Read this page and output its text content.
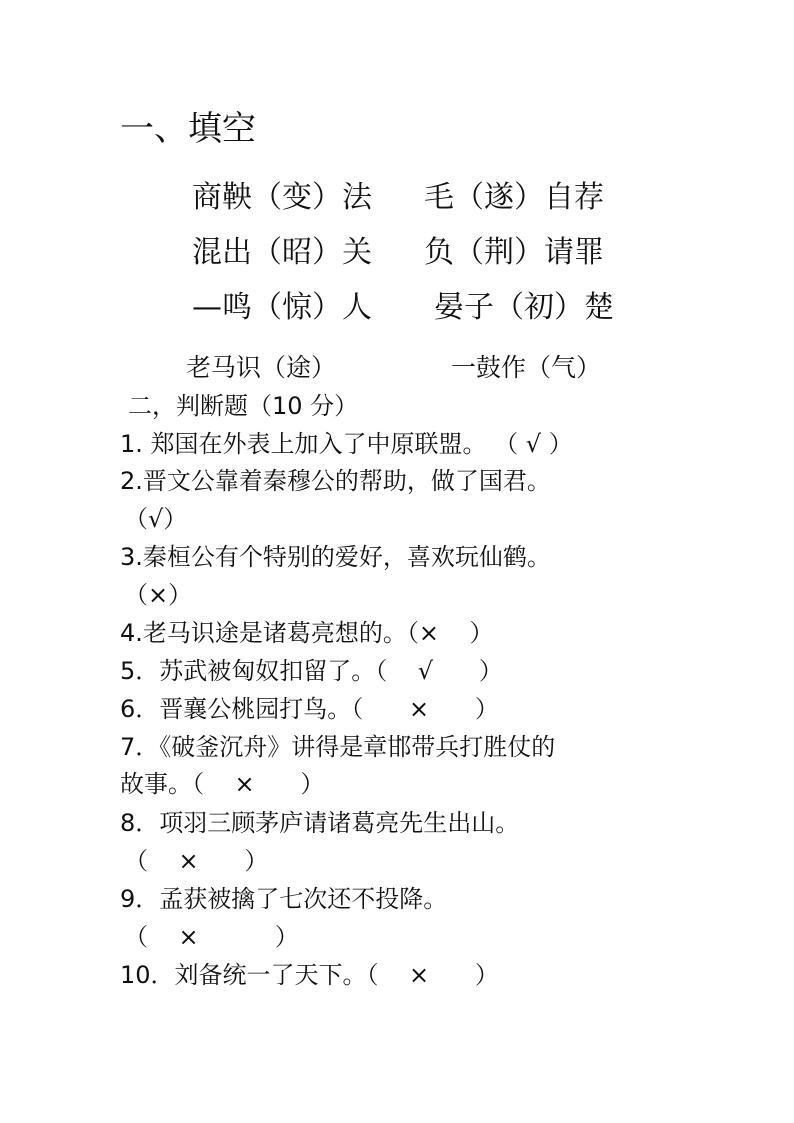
一、填空
商鞅（变）法 毛（遂）自荐
混出（昭）关 负（荆）请罪
—鸣（惊）人 晏子（初）楚
老马识（途）	一鼓作（气）
二，判断题（10 分）
1. 郑国在外表上加入了中原联盟。 （ √ ）
2.晋文公靠着秦穆公的帮助，做了国君。
（√）
3.秦桓公有个特别的爱好，喜欢玩仙鹤。
（×）
4.老马识途是诸葛亮想的。（×    ）
5．苏武被匈奴扣留了。（    √      ）
6．晋襄公桃园打鸟。（      ×      ）
7．《破釜沉舟》讲得是章邯带兵打胜仗的
故事。（    ×      ）
8．项羽三顾茅庐请诸葛亮先生出山。
（    ×      ）
9．孟获被擒了七次还不投降。
（    ×          ）
10．刘备统一了天下。（    ×      ）
